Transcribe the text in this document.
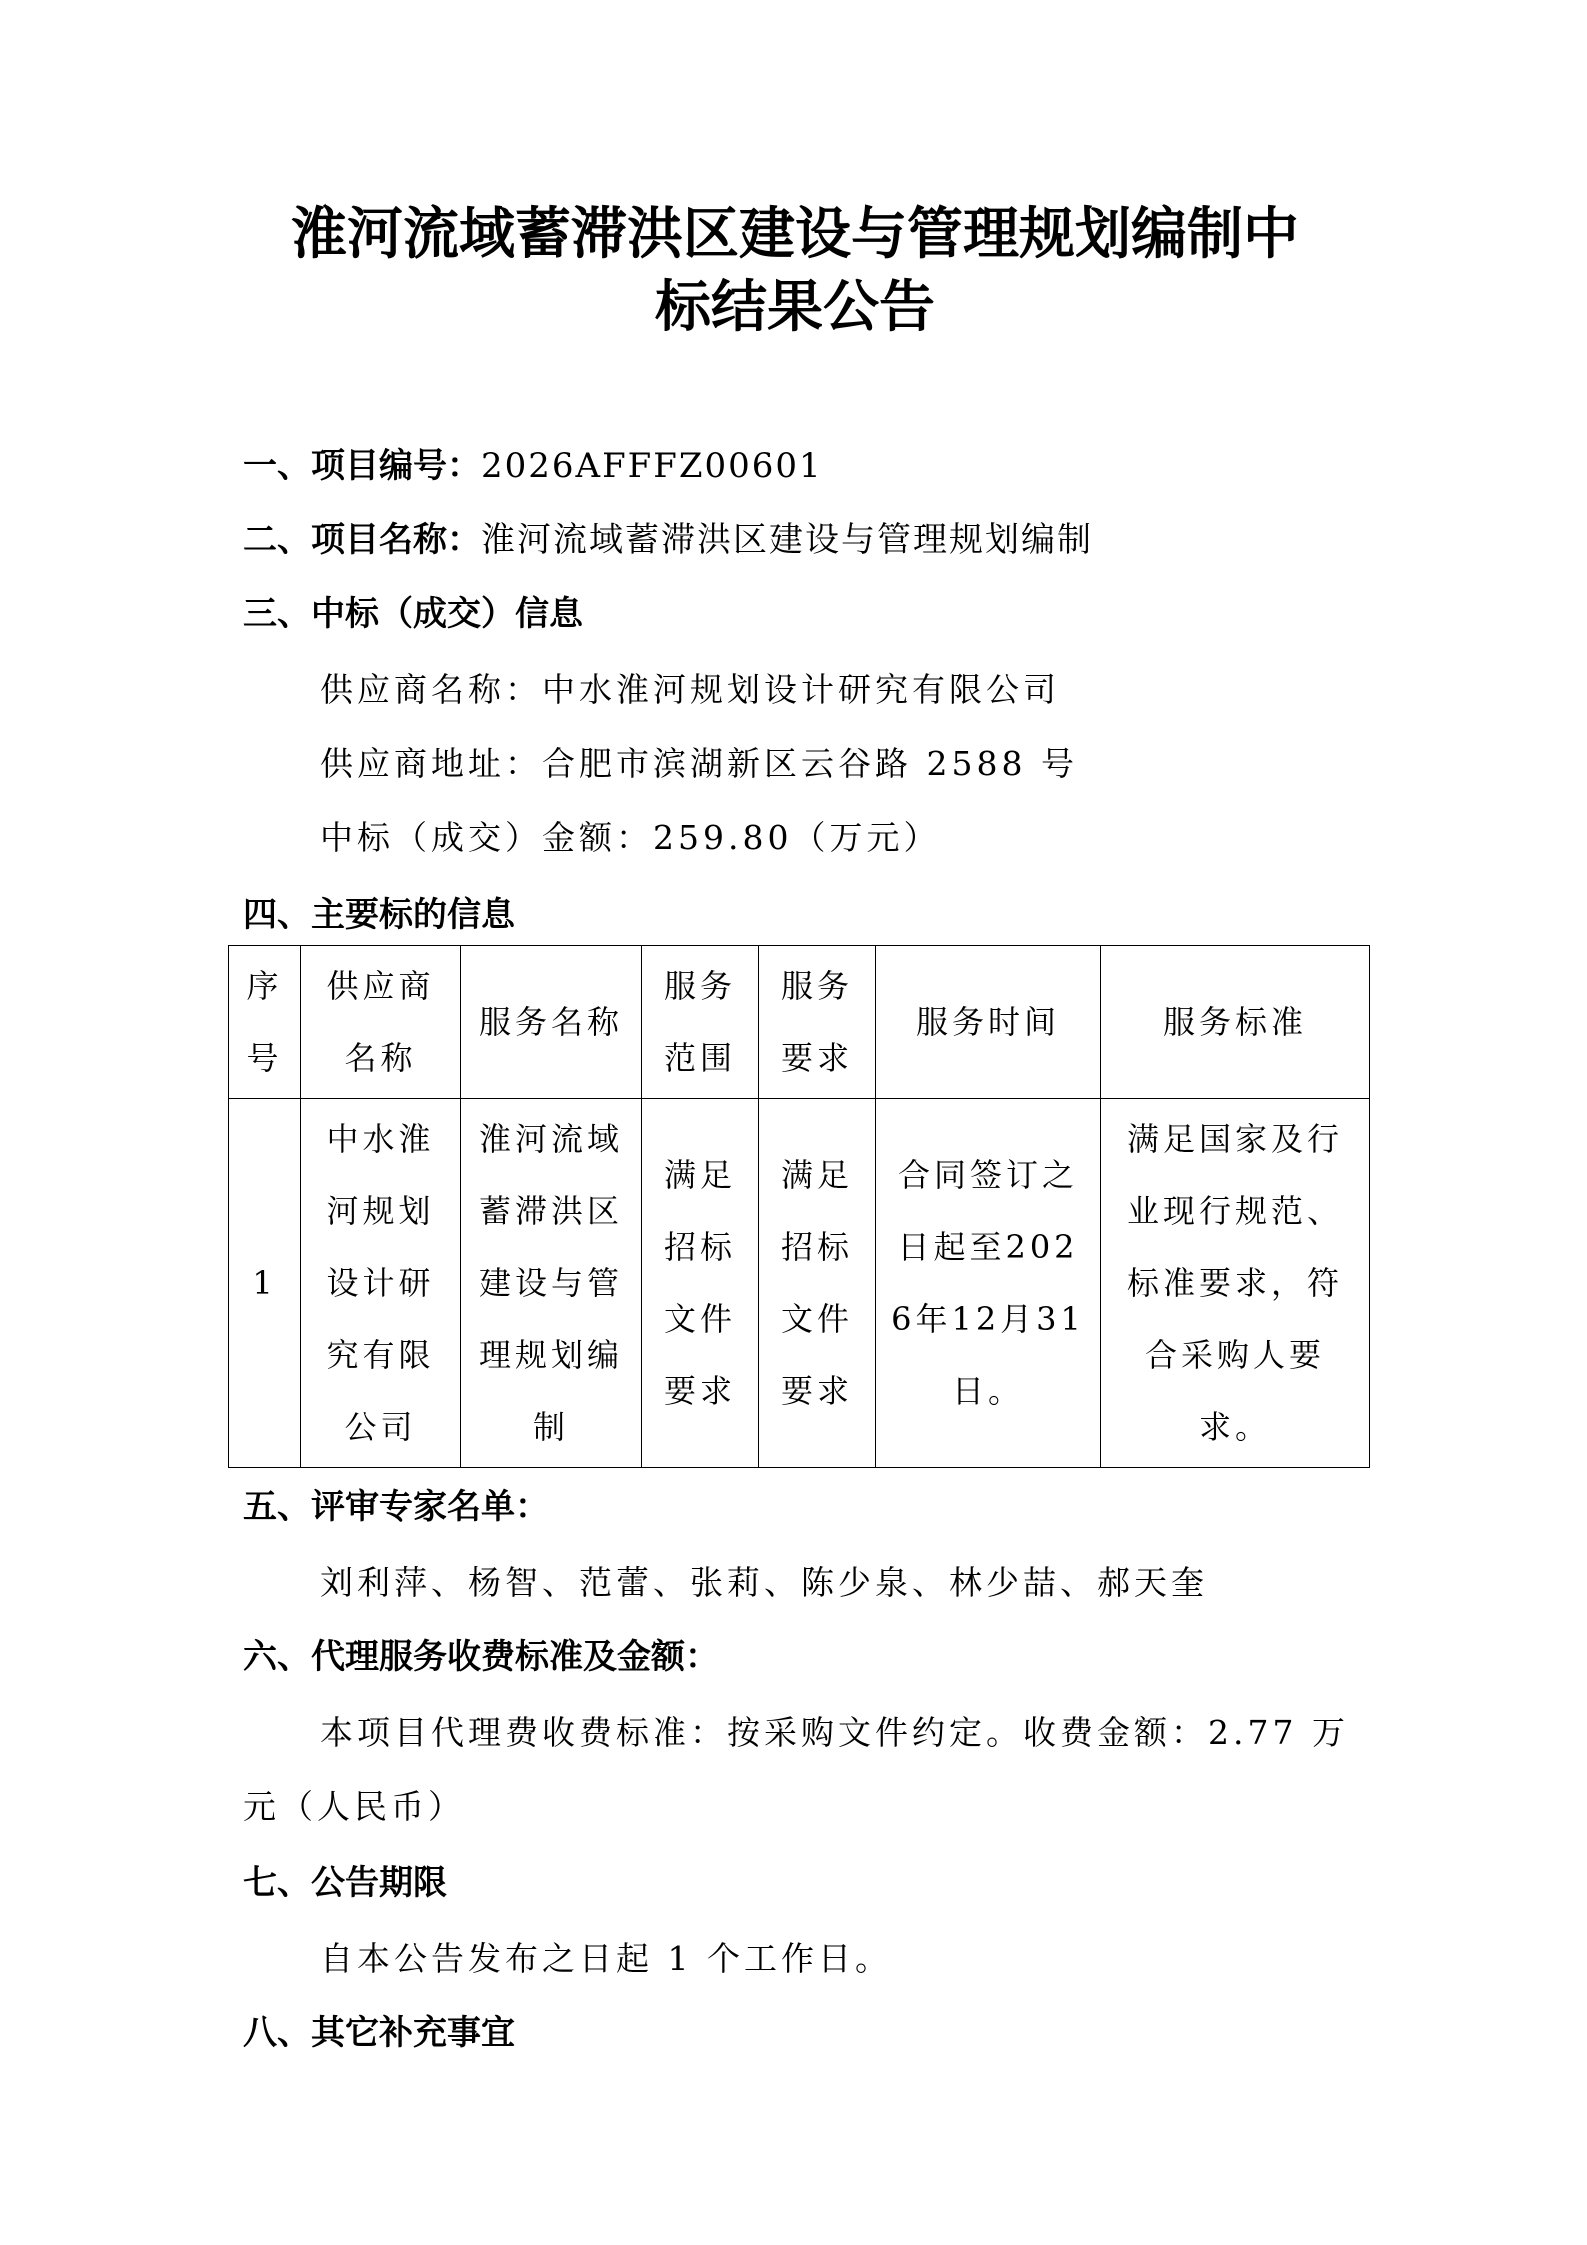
淮河流域蓄滞洪区建设与管理规划编制中
标结果公告
一、项目编号：2026AFFFZ00601
二、项目名称：淮河流域蓄滞洪区建设与管理规划编制
三、中标（成交）信息
供应商名称：中水淮河规划设计研究有限公司
供应商地址：合肥市滨湖新区云谷路 2588 号
中标（成交）金额：259.80（万元）
四、主要标的信息
序号	供应商名称	服务名称	服务范围	服务要求	服务时间	服务标准
1	中水淮河规划设计研究有限公司	淮河流域蓄滞洪区建设与管理规划编制	满足招标文件要求	满足招标文件要求	合同签订之日起至2026年12月31日。	满足国家及行业现行规范、标准要求，符合采购人要求。
五、评审专家名单：
刘利萍、杨智、范蕾、张莉、陈少泉、林少喆、郝天奎
六、代理服务收费标准及金额：
本项目代理费收费标准：按采购文件约定。收费金额：2.77 万
元（人民币）
七、公告期限
自本公告发布之日起 1 个工作日。
八、其它补充事宜
